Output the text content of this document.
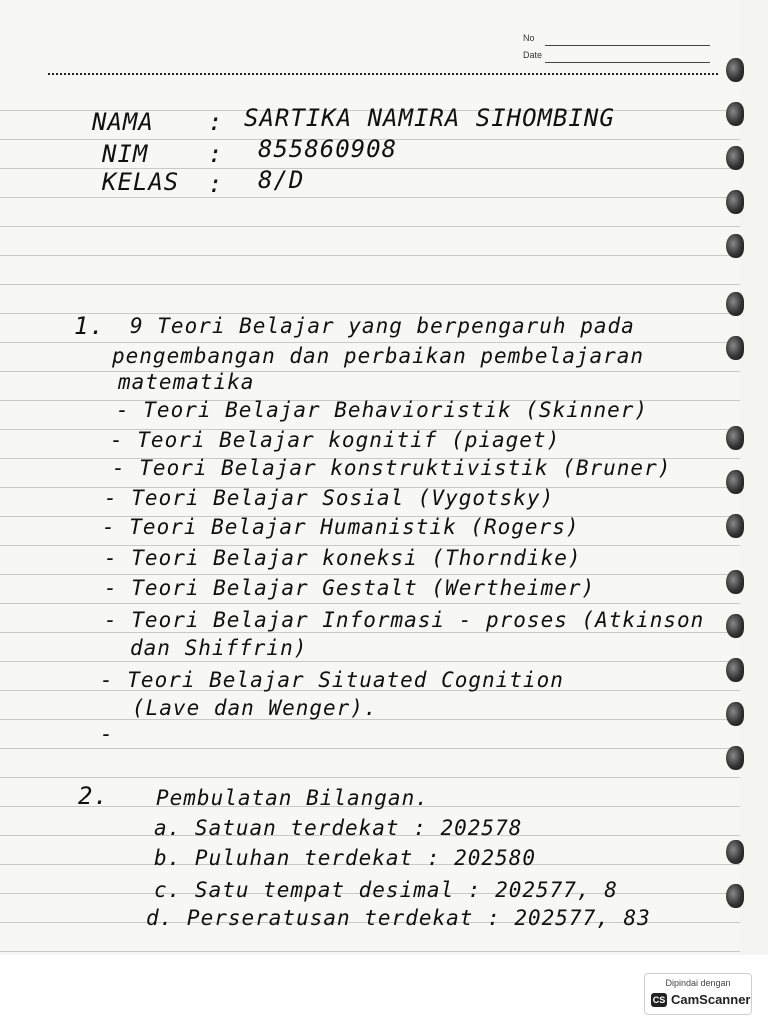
No
Date
NAMA : SARTIKA NAMIRA SIHOMBING
NIM : 855860908
KELAS : 8/D
1. 9 Teori Belajar yang berpengaruh pada
pengembangan dan perbaikan pembelajaran
matematika
- Teori Belajar Behavioristik (Skinner)
- Teori Belajar kognitif (piaget)
- Teori Belajar konstruktivistik (Bruner)
- Teori Belajar Sosial (Vygotsky)
- Teori Belajar Humanistik (Rogers)
- Teori Belajar koneksi (Thorndike)
- Teori Belajar Gestalt (Wertheimer)
- Teori Belajar Informasi - proses (Atkinson
dan Shiffrin)
- Teori Belajar Situated Cognition
(Lave dan Wenger).
-
2. Pembulatan Bilangan.
a. Satuan terdekat : 202578
b. Puluhan terdekat : 202580
c. Satu tempat desimal : 202577, 8
d. Perseratusan terdekat : 202577, 83
Dipindai dengan
CS CamScanner
